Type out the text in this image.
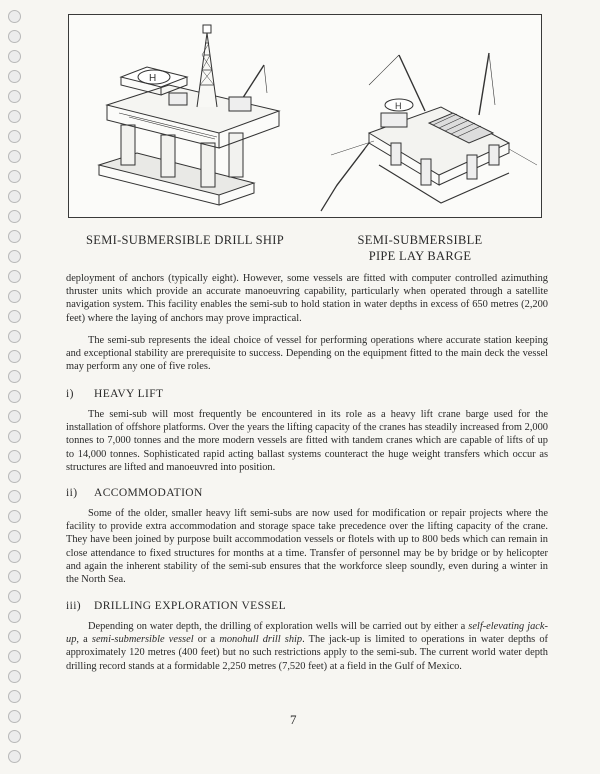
H
H
SEMI-SUBMERSIBLE DRILL SHIP	SEMI-SUBMERSIBLE
PIPE LAY BARGE

deployment of anchors (typically eight). However, some vessels are fitted with computer controlled azimuthing thruster units which provide an accurate manoeuvring capability, particularly when operated through a satellite navigation system. This facility enables the semi-sub to hold station in water depths in excess of 650 metres (2,200 feet) where the laying of anchors may prove impractical.

The semi-sub represents the ideal choice of vessel for performing operations where accurate station keeping and exceptional stability are prerequisite to success. Depending on the equipment fitted to the main deck the vessel may perform any one of five roles.

i) HEAVY LIFT

The semi-sub will most frequently be encountered in its role as a heavy lift crane barge used for the installation of offshore platforms. Over the years the lifting capacity of the cranes has steadily increased from 2,000 tonnes to 7,000 tonnes and the more modern vessels are fitted with tandem cranes which are capable of lifts of up to 14,000 tonnes. Sophisticated rapid acting ballast systems counteract the huge weight transfers which occur as structures are lifted and manoeuvred into position.

ii) ACCOMMODATION

Some of the older, smaller heavy lift semi-subs are now used for modification or repair projects where the facility to provide extra accommodation and storage space take precedence over the lifting capacity of the crane. They have been joined by purpose built accommodation vessels or flotels with up to 800 beds which can remain in close attendance to fixed structures for months at a time. Transfer of personnel may be by bridge or by helicopter and again the inherent stability of the semi-sub ensures that the workforce sleep soundly, even during a winter in the North Sea.

iii) DRILLING EXPLORATION VESSEL

Depending on water depth, the drilling of exploration wells will be carried out by either a self-elevating jack-up, a semi-submersible vessel or a monohull drill ship. The jack-up is limited to operations in water depths of approximately 120 metres (400 feet) but no such restrictions apply to the semi-sub. The current world water depth drilling record stands at a formidable 2,250 metres (7,520 feet) at a field in the Gulf of Mexico.

7
